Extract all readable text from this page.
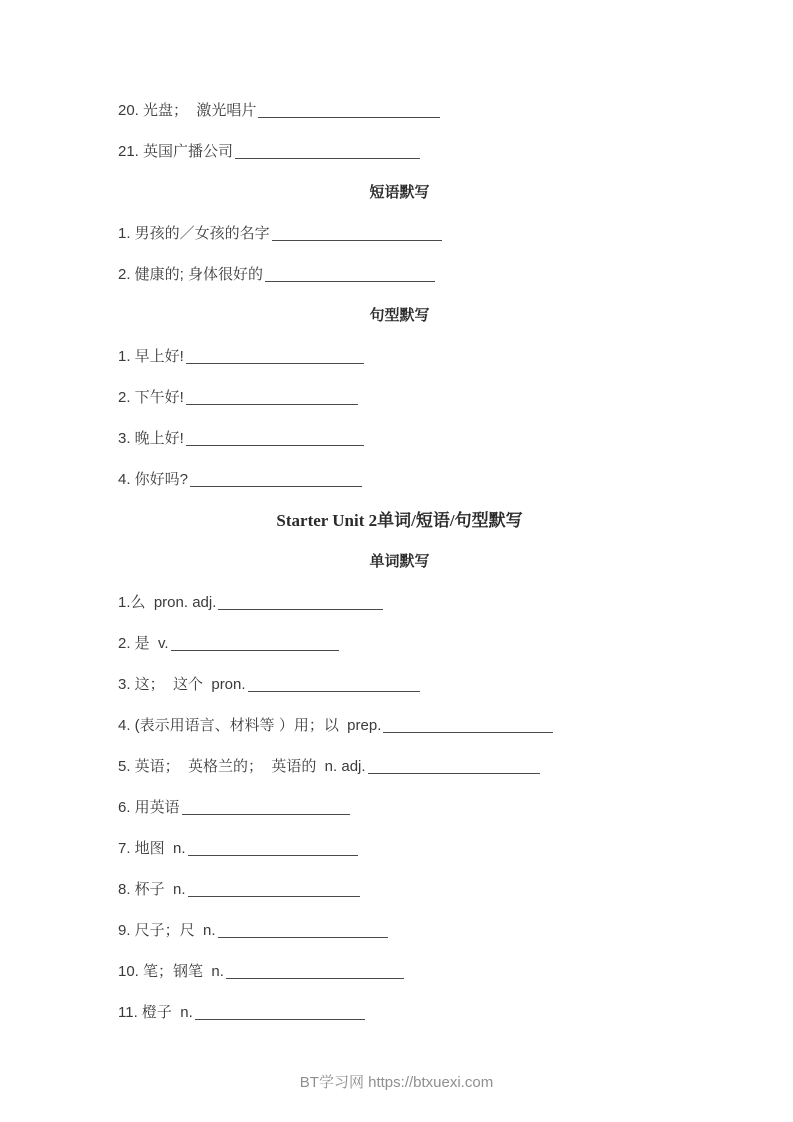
20. 光盘；  激光唱片
21. 英国广播公司
短语默写
1. 男孩的／女孩的名字
2. 健康的; 身体很好的
句型默写
1. 早上好!
2. 下午好!
3. 晚上好!
4. 你好吗?
Starter Unit 2单词/短语/句型默写
单词默写
1.么  pron. adj.
2. 是  v.
3. 这；  这个  pron.
4. (表示用语言、材料等 ）用；以  prep.
5. 英语；  英格兰的；  英语的  n. adj.
6. 用英语
7. 地图  n.
8. 杯子  n.
9. 尺子；尺  n.
10. 笔；钢笔  n.
11. 橙子  n.
BT学习网 https://btxuexi.com
